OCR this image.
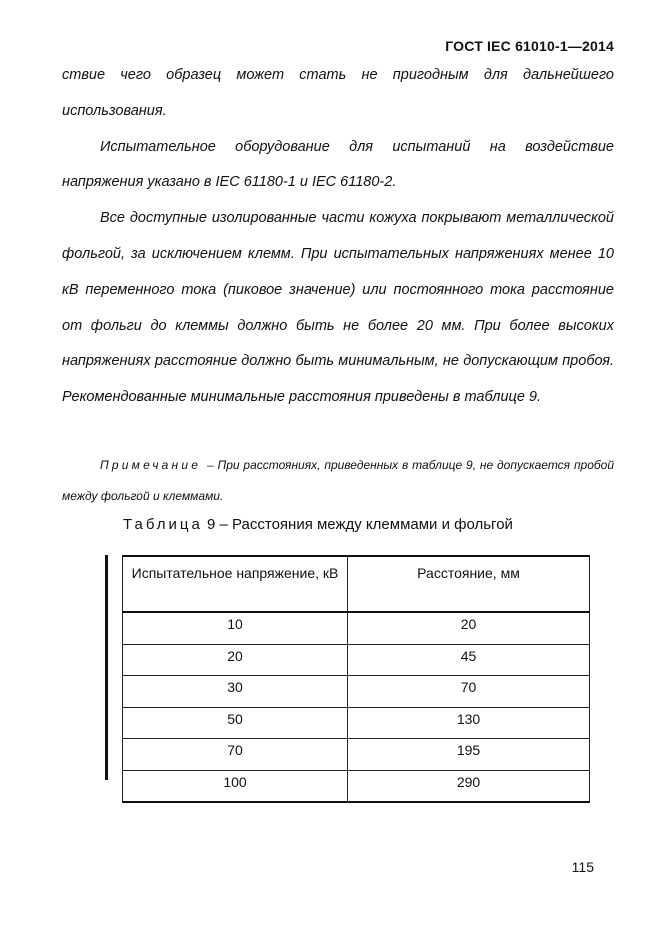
ГОСТ IEC 61010-1—2014

ствие чего образец может стать не пригодным для дальнейшего использования.

Испытательное оборудование для испытаний на воздействие напряжения указано в IEC 61180-1 и IEC 61180-2.

Все доступные изолированные части кожуха покрывают металлической фольгой, за исключением клемм. При испытательных напряжениях менее 10 кВ переменного тока (пиковое значение) или постоянного тока расстояние от фольги до клеммы должно быть не более 20 мм. При более высоких напряжениях расстояние должно быть минимальным, не допускающим пробоя. Рекомендованные минимальные расстояния приведены в таблице 9.

Примечание – При расстояниях, приведенных в таблице 9, не допускается пробой между фольгой и клеммами.
Таблица 9 – Расстояния между клеммами и фольгой
Испытательное напряжение, кВ	Расстояние, мм
10	20
20	45
30	70
50	130
70	195
100	290
115
